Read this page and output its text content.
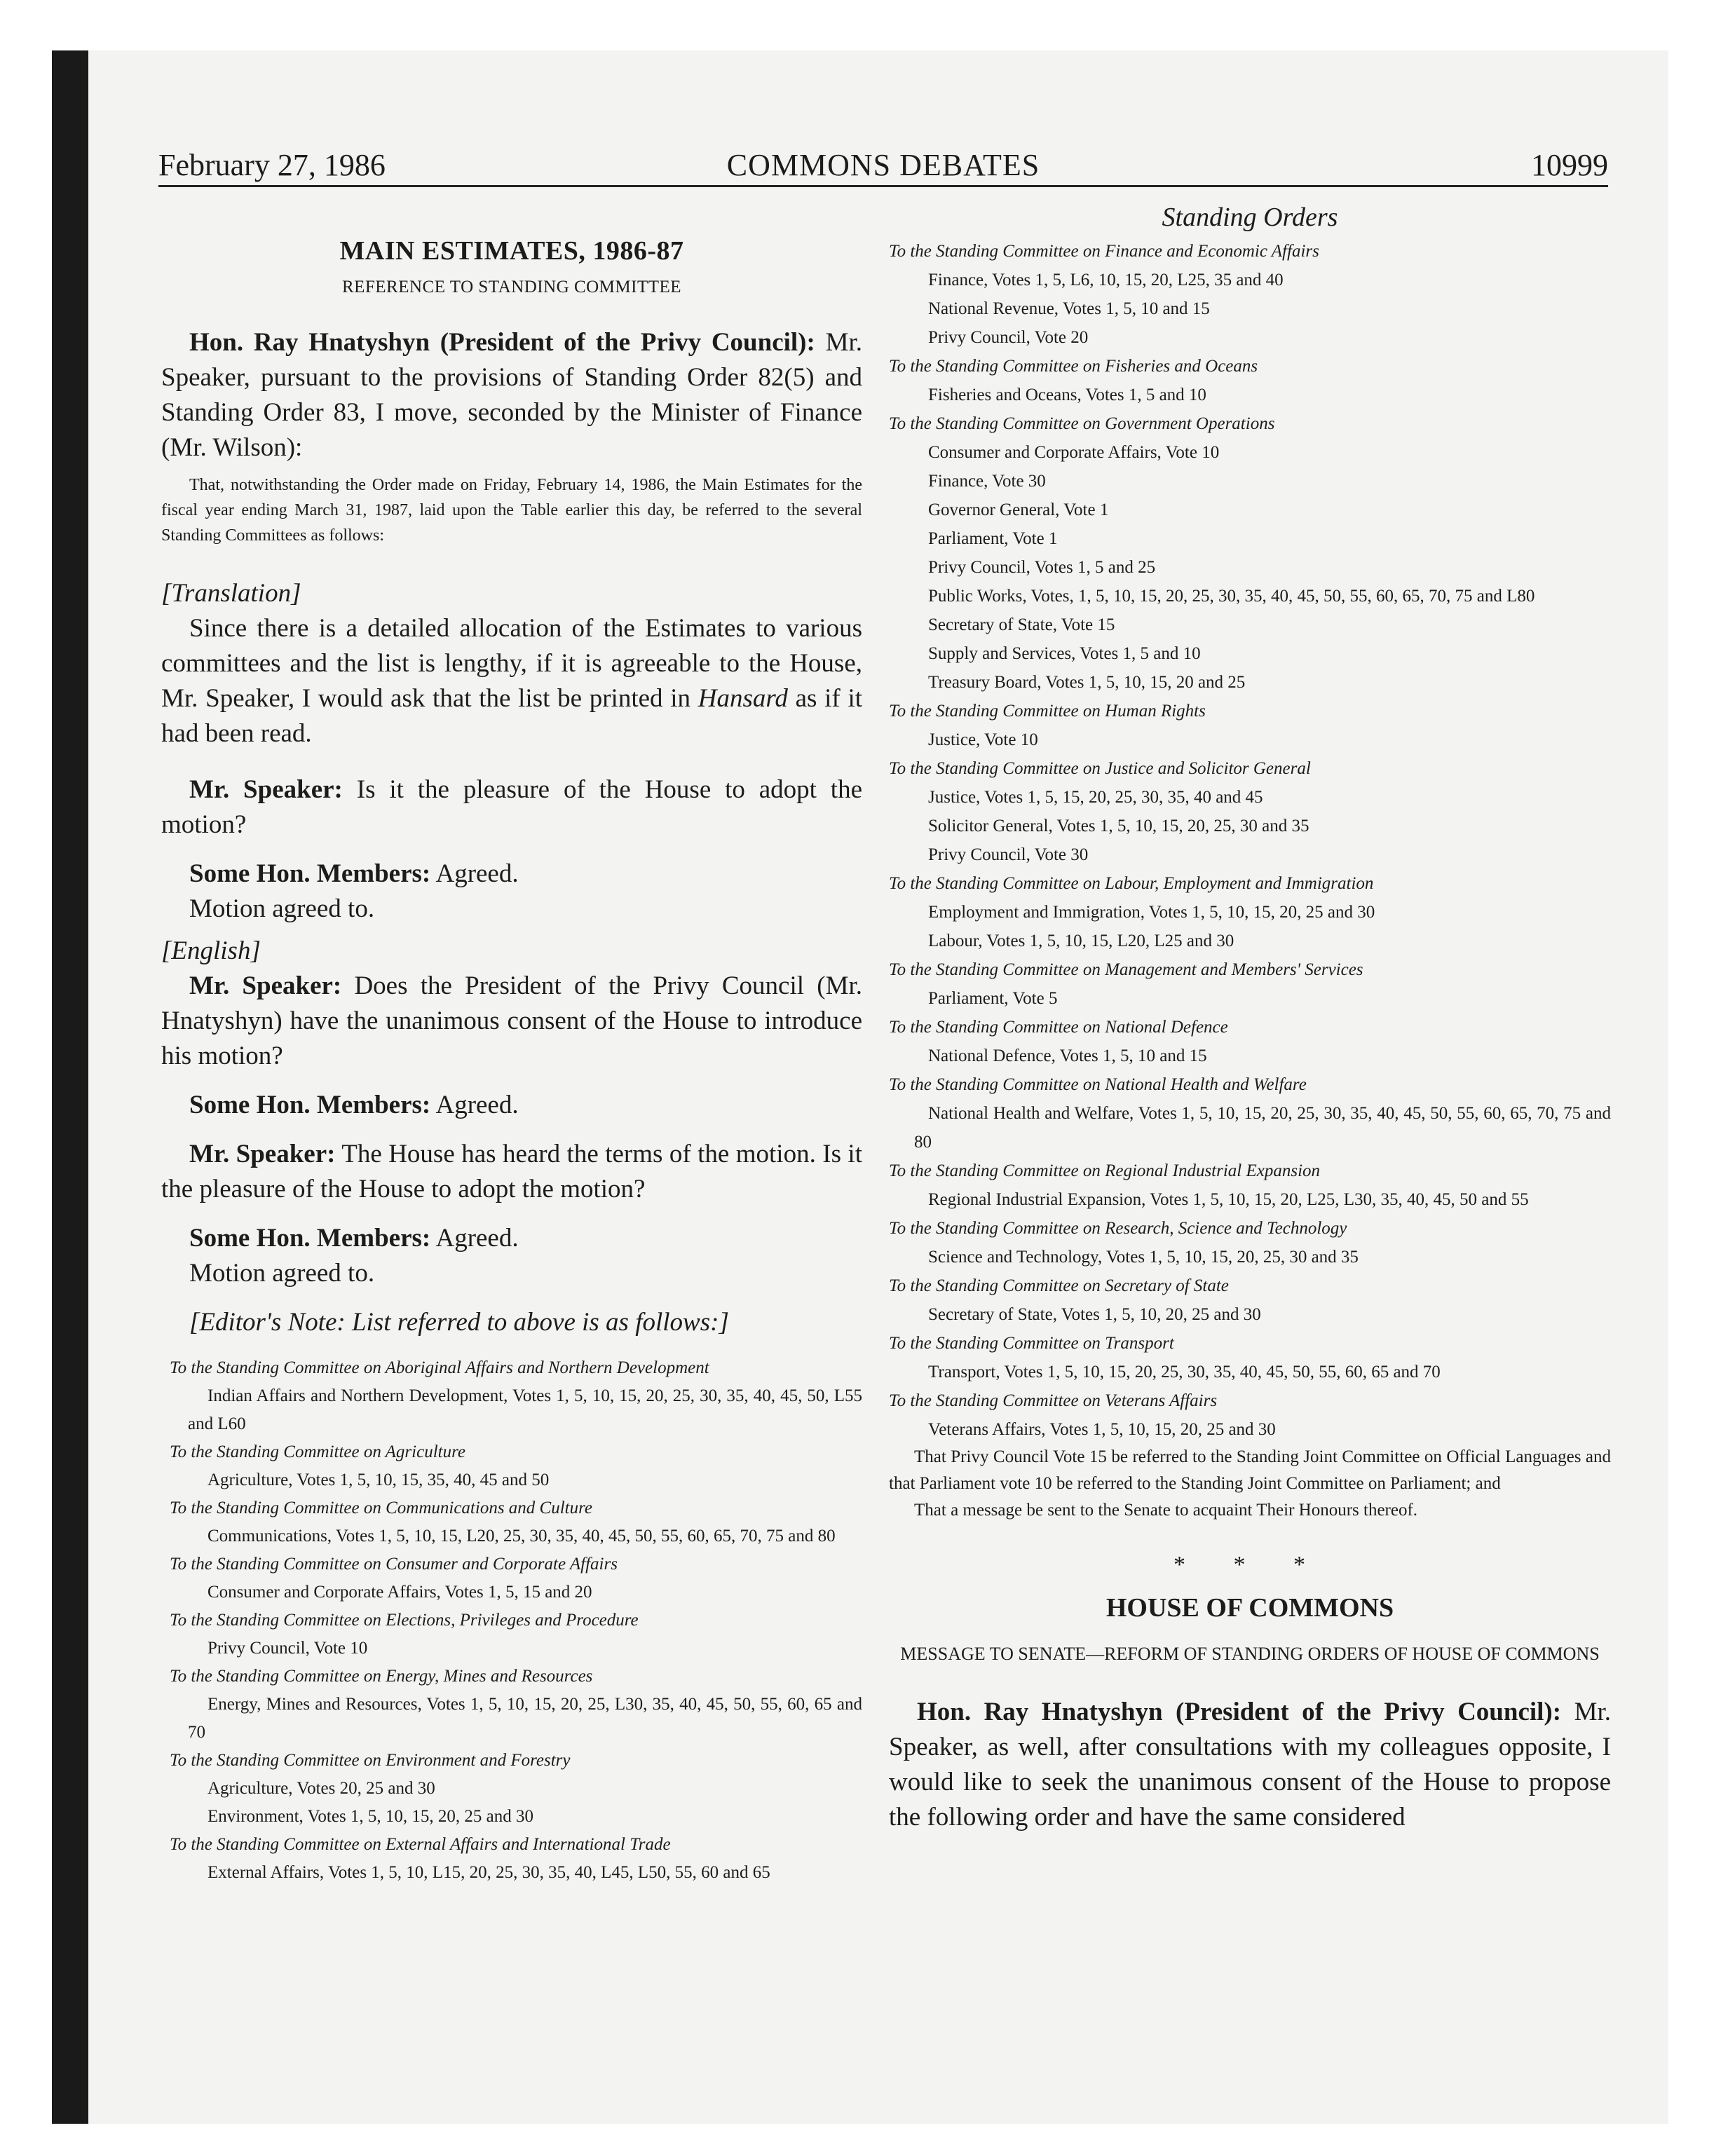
February 27, 1986	COMMONS DEBATES	10999
MAIN ESTIMATES, 1986-87
REFERENCE TO STANDING COMMITTEE

Hon. Ray Hnatyshyn (President of the Privy Council): Mr. Speaker, pursuant to the provisions of Standing Order 82(5) and Standing Order 83, I move, seconded by the Minister of Finance (Mr. Wilson):

That, notwithstanding the Order made on Friday, February 14, 1986, the Main Estimates for the fiscal year ending March 31, 1987, laid upon the Table earlier this day, be referred to the several Standing Committees as follows:

[Translation]

Since there is a detailed allocation of the Estimates to various committees and the list is lengthy, if it is agreeable to the House, Mr. Speaker, I would ask that the list be printed in Hansard as if it had been read.

Mr. Speaker: Is it the pleasure of the House to adopt the motion?

Some Hon. Members: Agreed.

Motion agreed to.

[English]

Mr. Speaker: Does the President of the Privy Council (Mr. Hnatyshyn) have the unanimous consent of the House to introduce his motion?

Some Hon. Members: Agreed.

Mr. Speaker: The House has heard the terms of the motion. Is it the pleasure of the House to adopt the motion?

Some Hon. Members: Agreed.

Motion agreed to.

[Editor's Note: List referred to above is as follows:]

To the Standing Committee on Aboriginal Affairs and Northern Development
Indian Affairs and Northern Development, Votes 1, 5, 10, 15, 20, 25, 30, 35, 40, 45, 50, L55 and L60
To the Standing Committee on Agriculture
Agriculture, Votes 1, 5, 10, 15, 35, 40, 45 and 50
To the Standing Committee on Communications and Culture
Communications, Votes 1, 5, 10, 15, L20, 25, 30, 35, 40, 45, 50, 55, 60, 65, 70, 75 and 80
To the Standing Committee on Consumer and Corporate Affairs
Consumer and Corporate Affairs, Votes 1, 5, 15 and 20
To the Standing Committee on Elections, Privileges and Procedure
Privy Council, Vote 10
To the Standing Committee on Energy, Mines and Resources
Energy, Mines and Resources, Votes 1, 5, 10, 15, 20, 25, L30, 35, 40, 45, 50, 55, 60, 65 and 70
To the Standing Committee on Environment and Forestry
Agriculture, Votes 20, 25 and 30
Environment, Votes 1, 5, 10, 15, 20, 25 and 30
To the Standing Committee on External Affairs and International Trade
External Affairs, Votes 1, 5, 10, L15, 20, 25, 30, 35, 40, L45, L50, 55, 60 and 65
Standing Orders
To the Standing Committee on Finance and Economic Affairs
Finance, Votes 1, 5, L6, 10, 15, 20, L25, 35 and 40
National Revenue, Votes 1, 5, 10 and 15
Privy Council, Vote 20
To the Standing Committee on Fisheries and Oceans
Fisheries and Oceans, Votes 1, 5 and 10
To the Standing Committee on Government Operations
Consumer and Corporate Affairs, Vote 10
Finance, Vote 30
Governor General, Vote 1
Parliament, Vote 1
Privy Council, Votes 1, 5 and 25
Public Works, Votes, 1, 5, 10, 15, 20, 25, 30, 35, 40, 45, 50, 55, 60, 65, 70, 75 and L80
Secretary of State, Vote 15
Supply and Services, Votes 1, 5 and 10
Treasury Board, Votes 1, 5, 10, 15, 20 and 25
To the Standing Committee on Human Rights
Justice, Vote 10
To the Standing Committee on Justice and Solicitor General
Justice, Votes 1, 5, 15, 20, 25, 30, 35, 40 and 45
Solicitor General, Votes 1, 5, 10, 15, 20, 25, 30 and 35
Privy Council, Vote 30
To the Standing Committee on Labour, Employment and Immigration
Employment and Immigration, Votes 1, 5, 10, 15, 20, 25 and 30
Labour, Votes 1, 5, 10, 15, L20, L25 and 30
To the Standing Committee on Management and Members' Services
Parliament, Vote 5
To the Standing Committee on National Defence
National Defence, Votes 1, 5, 10 and 15
To the Standing Committee on National Health and Welfare
National Health and Welfare, Votes 1, 5, 10, 15, 20, 25, 30, 35, 40, 45, 50, 55, 60, 65, 70, 75 and 80
To the Standing Committee on Regional Industrial Expansion
Regional Industrial Expansion, Votes 1, 5, 10, 15, 20, L25, L30, 35, 40, 45, 50 and 55
To the Standing Committee on Research, Science and Technology
Science and Technology, Votes 1, 5, 10, 15, 20, 25, 30 and 35
To the Standing Committee on Secretary of State
Secretary of State, Votes 1, 5, 10, 20, 25 and 30
To the Standing Committee on Transport
Transport, Votes 1, 5, 10, 15, 20, 25, 30, 35, 40, 45, 50, 55, 60, 65 and 70
To the Standing Committee on Veterans Affairs
Veterans Affairs, Votes 1, 5, 10, 15, 20, 25 and 30

That Privy Council Vote 15 be referred to the Standing Joint Committee on Official Languages and that Parliament vote 10 be referred to the Standing Joint Committee on Parliament; and

That a message be sent to the Senate to acquaint Their Honours thereof.

* * *
HOUSE OF COMMONS
MESSAGE TO SENATE—REFORM OF STANDING ORDERS OF HOUSE OF COMMONS

Hon. Ray Hnatyshyn (President of the Privy Council): Mr. Speaker, as well, after consultations with my colleagues opposite, I would like to seek the unanimous consent of the House to propose the following order and have the same considered
